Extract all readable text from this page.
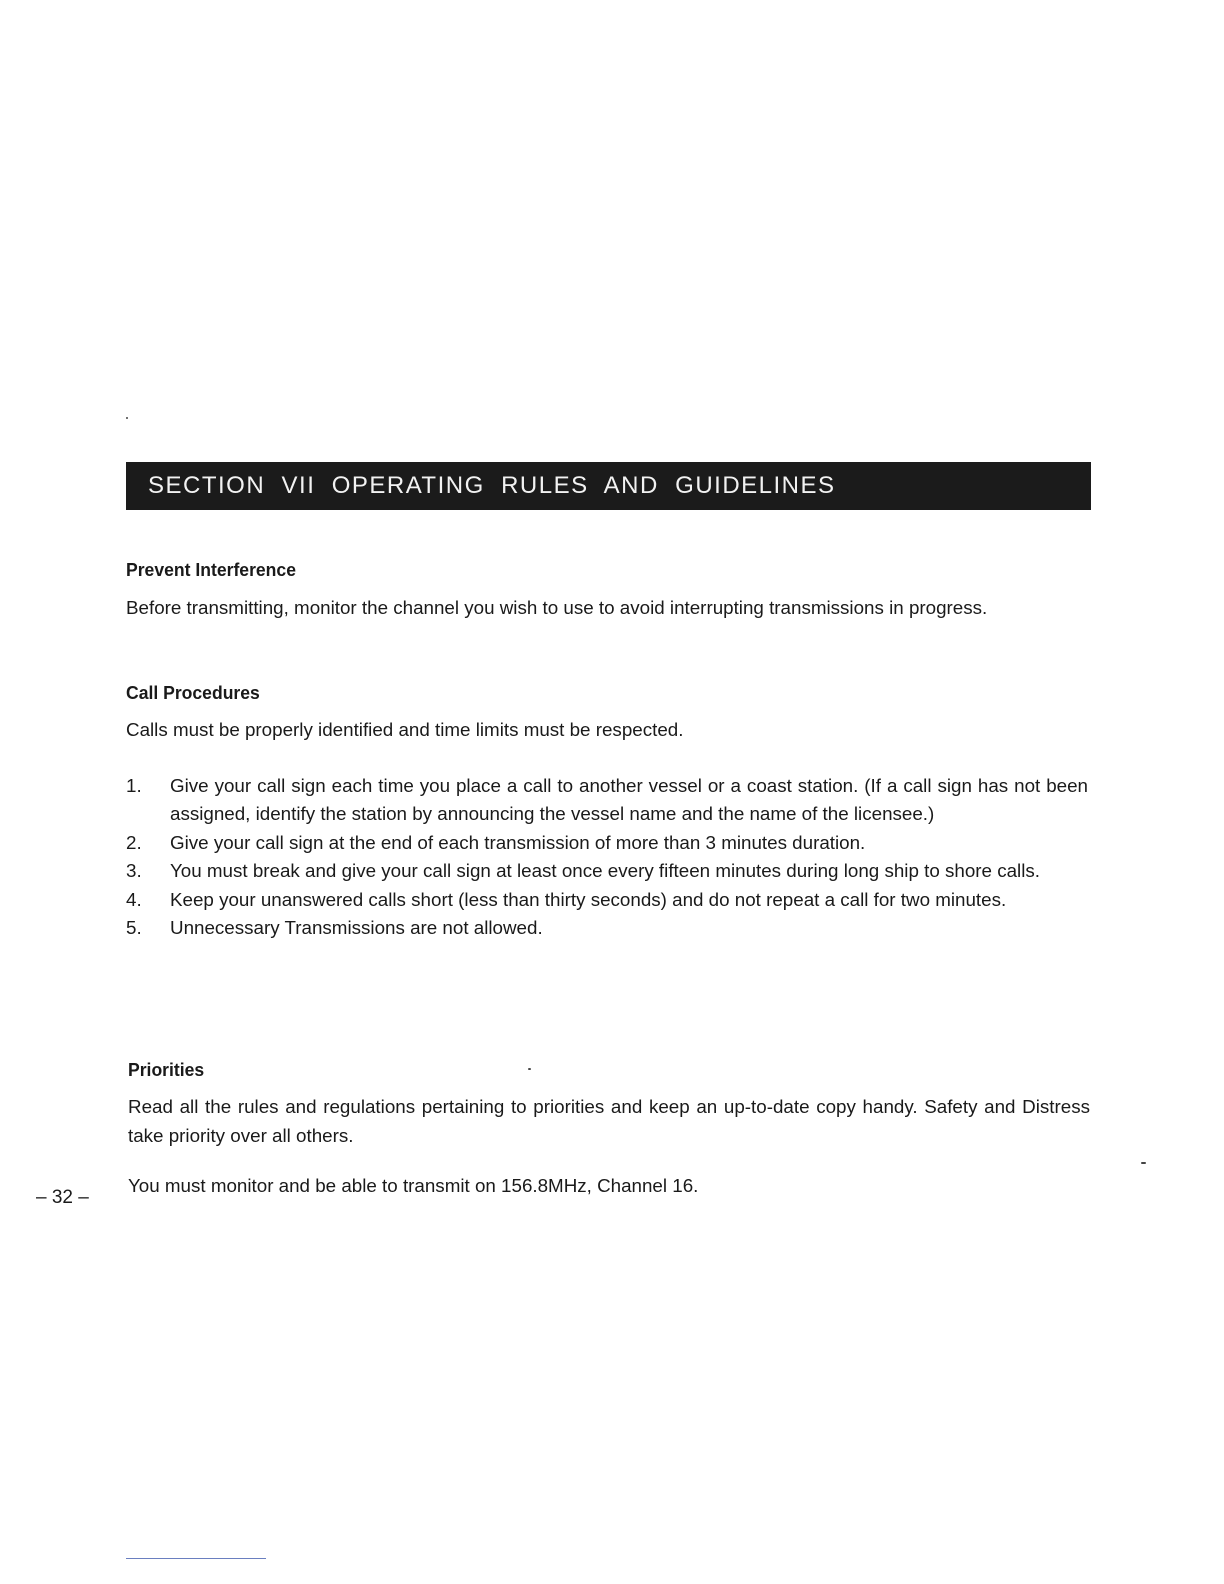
SECTION  VII  OPERATING  RULES  AND  GUIDELINES

Prevent Interference

Before transmitting, monitor the channel you wish to use to avoid interrupting transmissions in progress.

Call Procedures

Calls must be properly identified and time limits must be respected.

1.	Give your call sign each time you place a call to another vessel or a coast station. (If a call sign has not been assigned, identify the station by announcing the vessel name and the name of the licensee.)
2.	Give your call sign at the end of each transmission of more than 3 minutes duration.
3.	You must break and give your call sign at least once every fifteen minutes during long ship to shore calls.
4.	Keep your unanswered calls short (less than thirty seconds) and do not repeat a call for two minutes.
5.	Unnecessary Transmissions are not allowed.

Priorities

Read all the rules and regulations pertaining to priorities and keep an up-to-date copy handy. Safety and Distress take priority over all others.

You must monitor and be able to transmit on 156.8MHz, Channel 16.

– 32 –
